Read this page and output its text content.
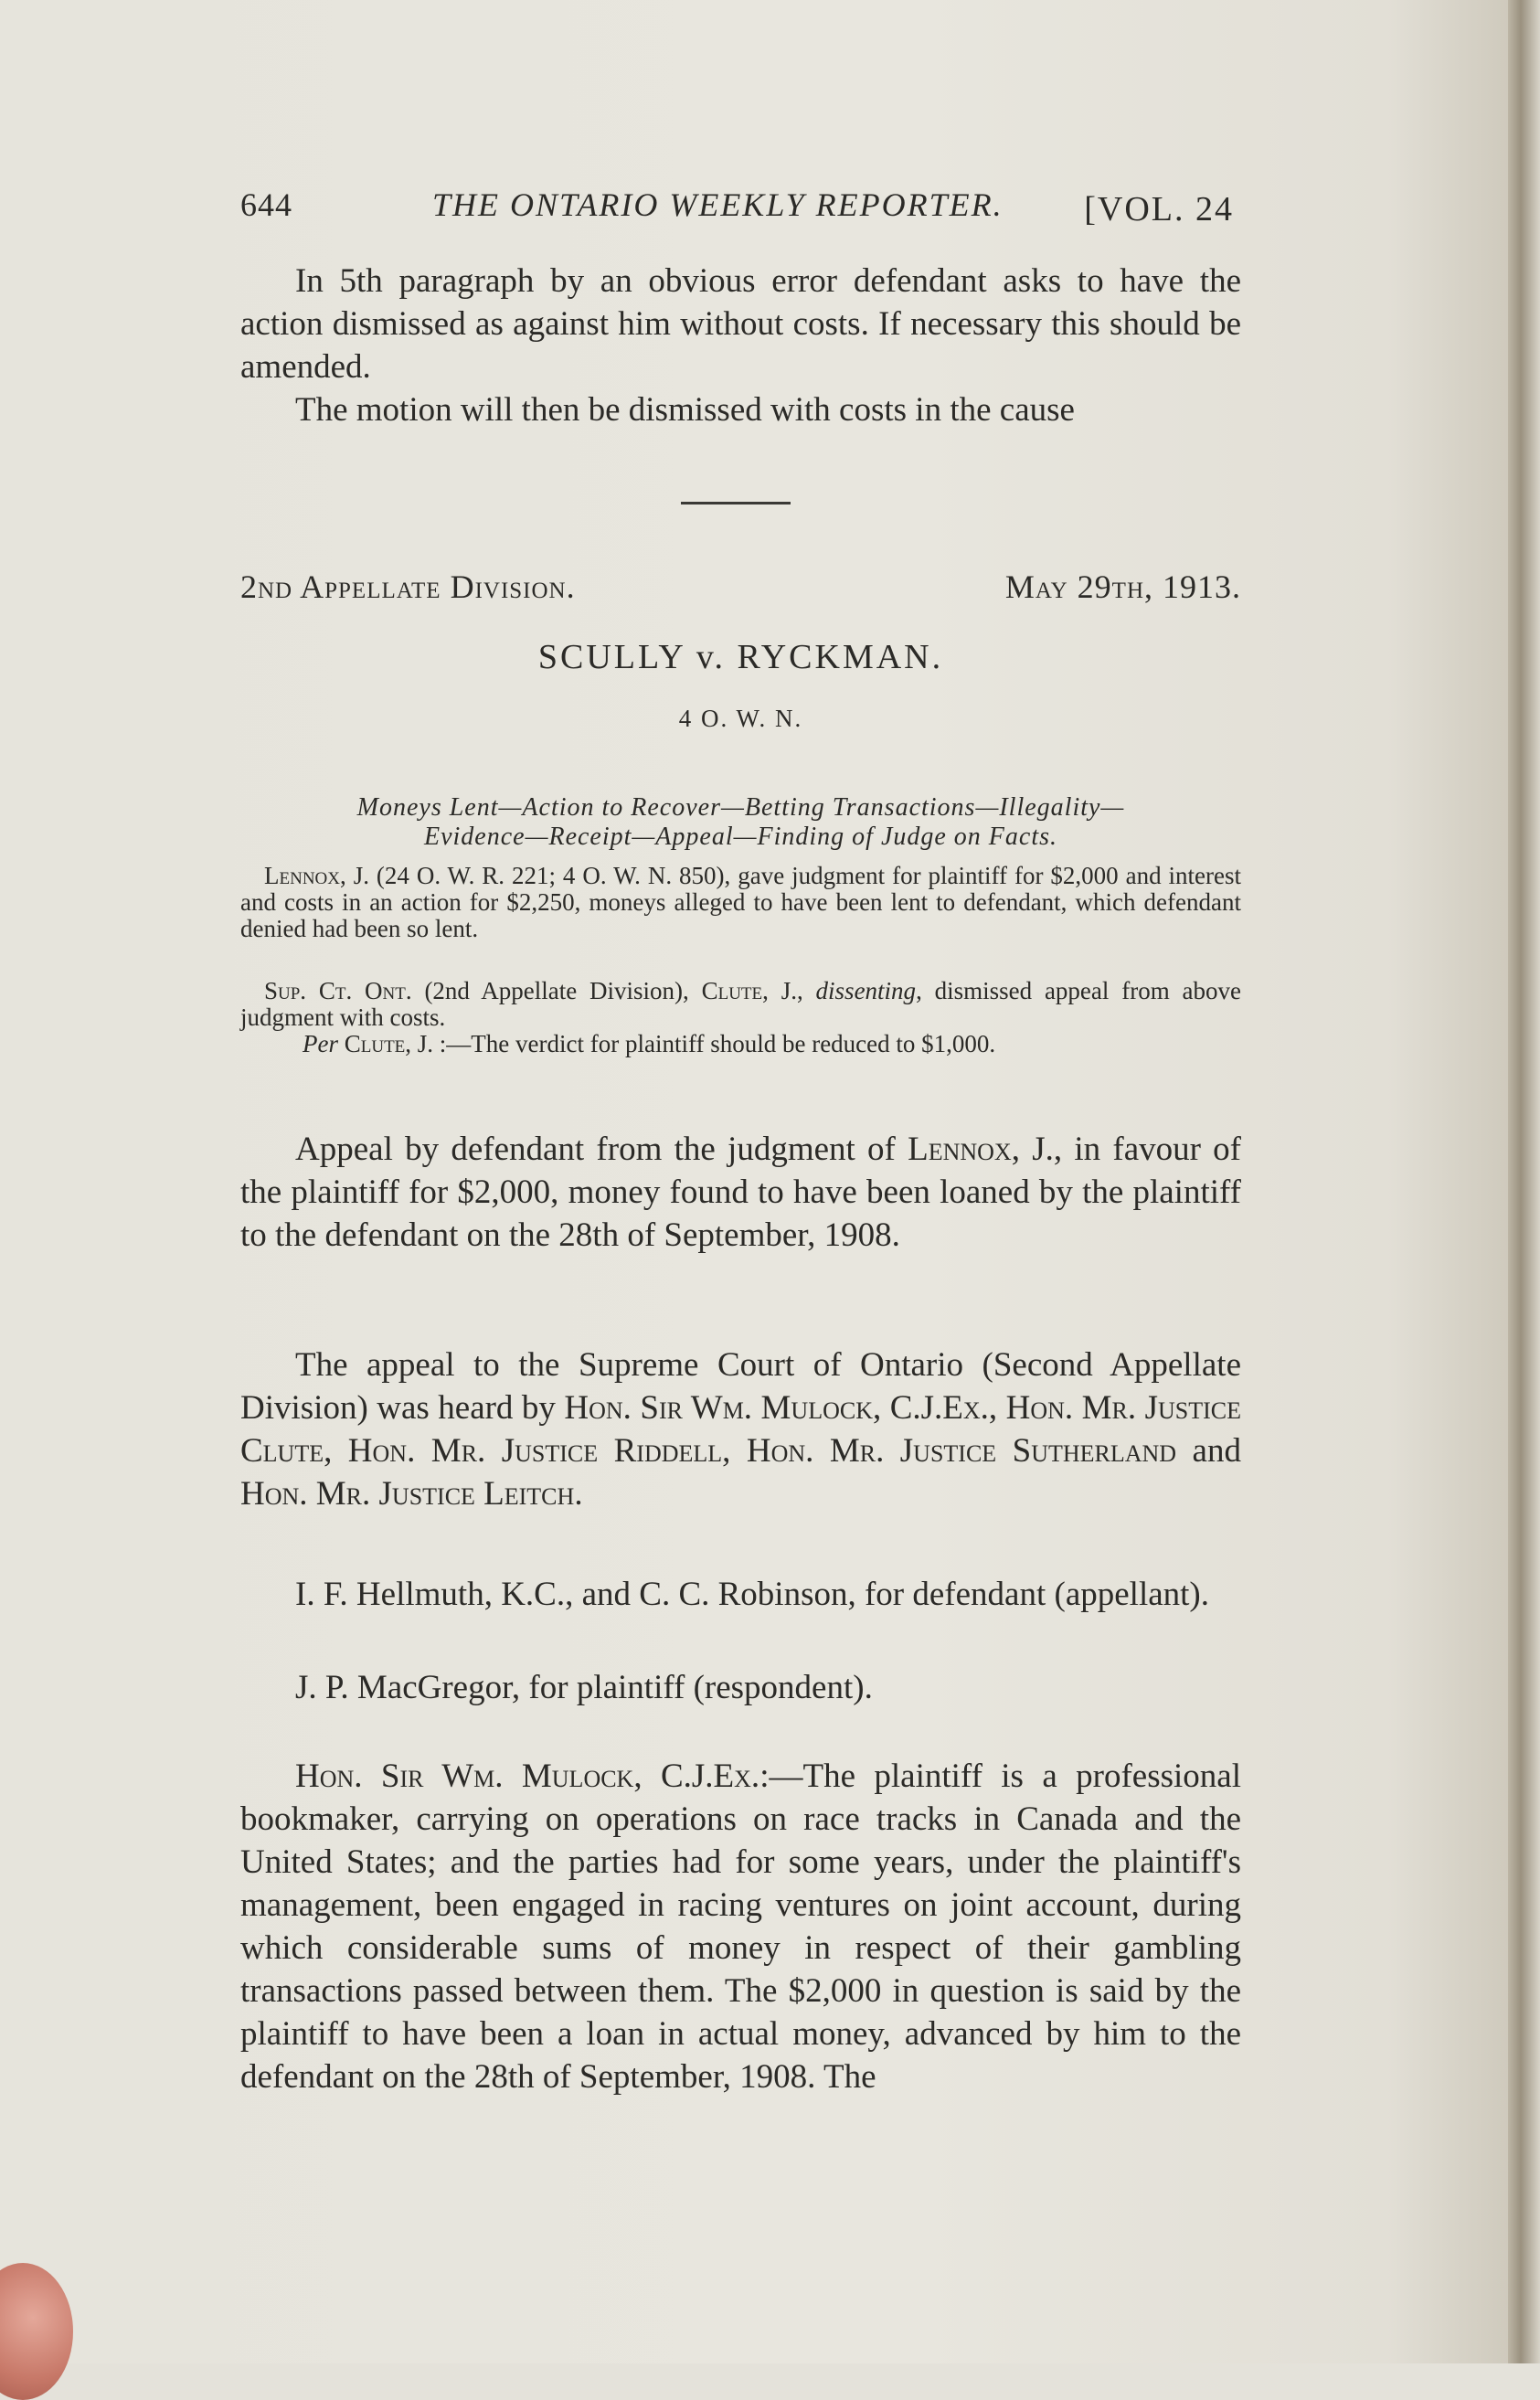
644	THE ONTARIO WEEKLY REPORTER. [VOL. 24

In 5th paragraph by an obvious error defendant asks to have the action dismissed as against him without costs. If necessary this should be amended.

The motion will then be dismissed with costs in the cause

2nd Appellate Division.	May 29th, 1913.
SCULLY v. RYCKMAN.
4 O. W. N.
Moneys Lent—Action to Recover—Betting Transactions—Illegality—
Evidence—Receipt—Appeal—Finding of Judge on Facts.

Lennox, J. (24 O. W. R. 221; 4 O. W. N. 850), gave judgment for plaintiff for $2,000 and interest and costs in an action for $2,250, moneys alleged to have been lent to defendant, which defendant denied had been so lent.

Sup. Ct. Ont. (2nd Appellate Division), Clute, J., dissenting, dismissed appeal from above judgment with costs.

Per Clute, J. :—The verdict for plaintiff should be reduced to $1,000.

Appeal by defendant from the judgment of Lennox, J., in favour of the plaintiff for $2,000, money found to have been loaned by the plaintiff to the defendant on the 28th of September, 1908.

The appeal to the Supreme Court of Ontario (Second Appellate Division) was heard by Hon. Sir Wm. Mulock, C.J.Ex., Hon. Mr. Justice Clute, Hon. Mr. Justice Riddell, Hon. Mr. Justice Sutherland and Hon. Mr. Justice Leitch.

I. F. Hellmuth, K.C., and C. C. Robinson, for defendant (appellant).

J. P. MacGregor, for plaintiff (respondent).

Hon. Sir Wm. Mulock, C.J.Ex.:—The plaintiff is a professional bookmaker, carrying on operations on race tracks in Canada and the United States; and the parties had for some years, under the plaintiff's management, been engaged in racing ventures on joint account, during which considerable sums of money in respect of their gambling transactions passed between them. The $2,000 in question is said by the plaintiff to have been a loan in actual money, advanced by him to the defendant on the 28th of September, 1908. The
